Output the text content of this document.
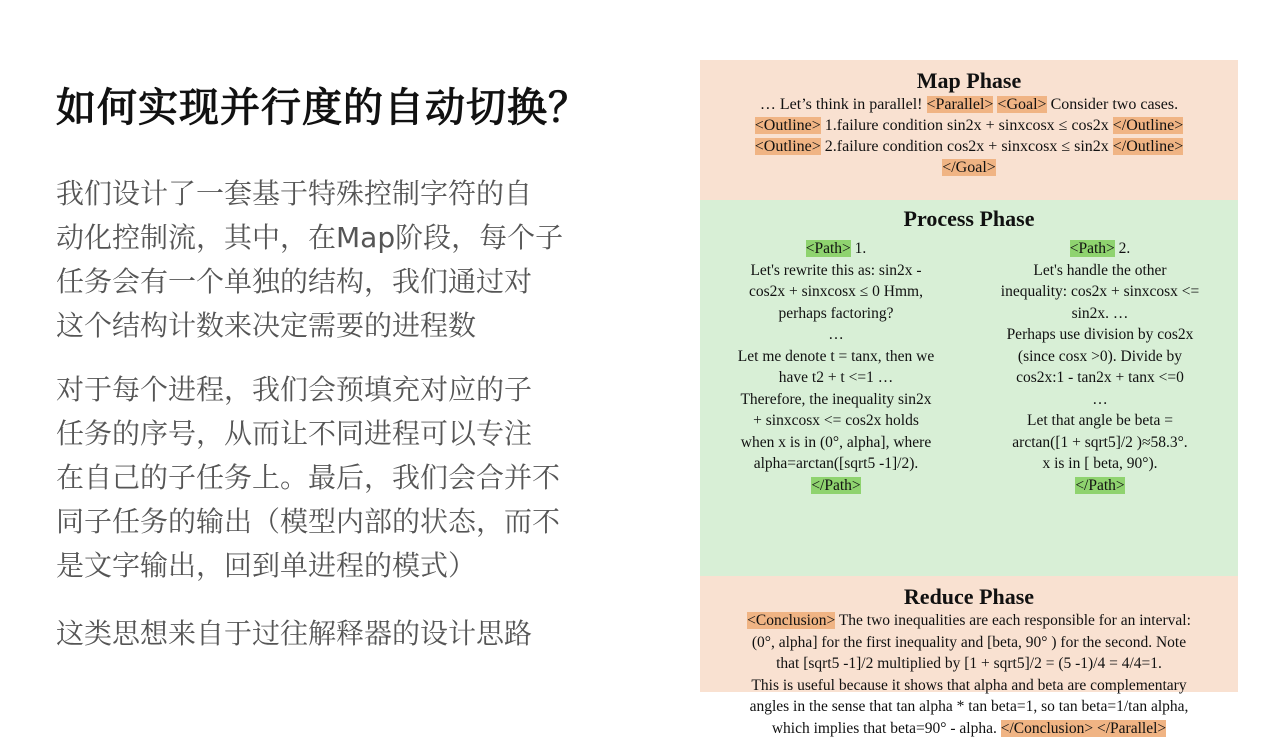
如何实现并行度的自动切换？
我们设计了一套基于特殊控制字符的自
动化控制流，其中，在Map阶段，每个子
任务会有一个单独的结构，我们通过对
这个结构计数来决定需要的进程数
对于每个进程，我们会预填充对应的子
任务的序号，从而让不同进程可以专注
在自己的子任务上。最后，我们会合并不
同子任务的输出（模型内部的状态，而不
是文字输出，回到单进程的模式）
这类思想来自于过往解释器的设计思路
Map Phase
… Let’s think in parallel! <Parallel> <Goal> Consider two cases.
<Outline> 1.failure condition sin2x + sinxcosx ≤ cos2x </Outline>
<Outline> 2.failure condition cos2x + sinxcosx ≤ sin2x </Outline>
</Goal>
Process Phase
<Path> 1.
Let's rewrite this as: sin2x -
cos2x + sinxcosx ≤ 0 Hmm,
perhaps factoring?
…
Let me denote t = tanx, then we
have t2 + t <=1 …
Therefore, the inequality sin2x
+ sinxcosx <= cos2x holds
when x is in (0°, alpha], where
alpha=arctan([sqrt5 -1]/2).
</Path>
<Path> 2.
Let's handle the other
inequality: cos2x + sinxcosx <=
sin2x. …
Perhaps use division by cos2x
(since cosx >0). Divide by
cos2x:1 - tan2x + tanx <=0
…
Let that angle be beta =
arctan([1 + sqrt5]/2 )≈58.3°.
x is in [ beta, 90°).
</Path>
Reduce Phase
<Conclusion> The two inequalities are each responsible for an interval:
(0°, alpha] for the first inequality and [beta, 90° ) for the second. Note
that [sqrt5 -1]/2 multiplied by [1 + sqrt5]/2 = (5 -1)/4 = 4/4=1.
This is useful because it shows that alpha and beta are complementary
angles in the sense that tan alpha * tan beta=1, so tan beta=1/tan alpha,
which implies that beta=90° - alpha. </Conclusion> </Parallel>
